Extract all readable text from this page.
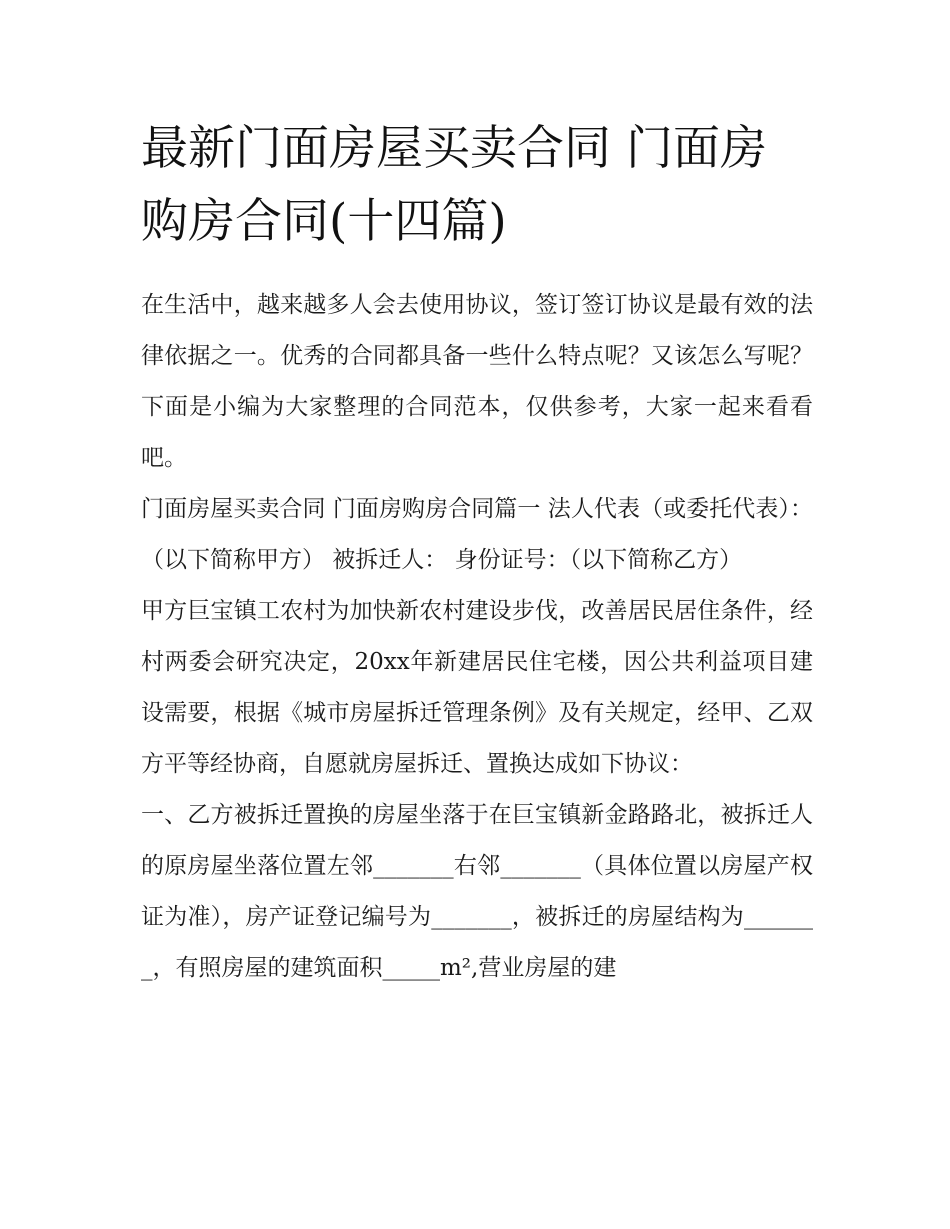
最新门面房屋买卖合同 门面房购房合同(十四篇)

在生活中，越来越多人会去使用协议，签订签订协议是最有效的法律依据之一。优秀的合同都具备一些什么特点呢？又该怎么写呢？下面是小编为大家整理的合同范本，仅供参考，大家一起来看看吧。

门面房屋买卖合同 门面房购房合同篇一 法人代表（或委托代表）：（以下简称甲方） 被拆迁人： 身份证号：（以下简称乙方）

甲方巨宝镇工农村为加快新农村建设步伐，改善居民居住条件，经村两委会研究决定，20xx年新建居民住宅楼，因公共利益项目建设需要，根据《城市房屋拆迁管理条例》及有关规定，经甲、乙双方平等经协商，自愿就房屋拆迁、置换达成如下协议：

一、乙方被拆迁置换的房屋坐落于在巨宝镇新金路路北，被拆迁人的原房屋坐落位置左邻_______右邻_______（具体位置以房屋产权证为准），房产证登记编号为_______，被拆迁的房屋结构为_______，有照房屋的建筑面积_____m²,营业房屋的建
